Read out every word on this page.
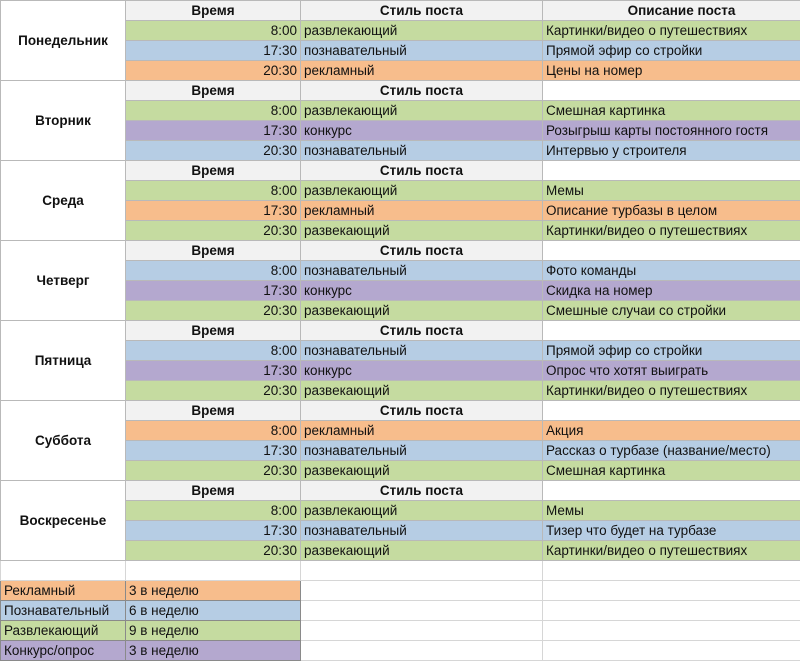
Понедельник	Время	Стиль поста	Описание поста
	8:00	развлекающий	Картинки/видео о путешествиях
	17:30	познавательный	Прямой эфир со стройки
	20:30	рекламный	Цены на номер
Вторник	Время	Стиль поста	
	8:00	развлекающий	Смешная картинка
	17:30	конкурс	Розыгрыш карты постоянного гостя
	20:30	познавательный	Интервью у строителя
Среда	Время	Стиль поста	
	8:00	развлекающий	Мемы
	17:30	рекламный	Описание турбазы в целом
	20:30	развекающий	Картинки/видео о путешествиях
Четверг	Время	Стиль поста	
	8:00	познавательный	Фото команды
	17:30	конкурс	Скидка на номер
	20:30	развекающий	Смешные случаи со стройки
Пятница	Время	Стиль поста	
	8:00	познавательный	Прямой эфир со стройки
	17:30	конкурс	Опрос что хотят выиграть
	20:30	развекающий	Картинки/видео о путешествиях
Суббота	Время	Стиль поста	
	8:00	рекламный	Акция
	17:30	познавательный	Рассказ о турбазе (название/место)
	20:30	развекающий	Смешная картинка
Воскресенье	Время	Стиль поста	
	8:00	развлекающий	Мемы
	17:30	познавательный	Тизер что будет на турбазе
	20:30	развекающий	Картинки/видео о путешествиях

Рекламный	3 в неделю		
Познавательный	6 в неделю		
Развлекающий	9 в неделю		
Конкурс/опрос	3 в неделю		
